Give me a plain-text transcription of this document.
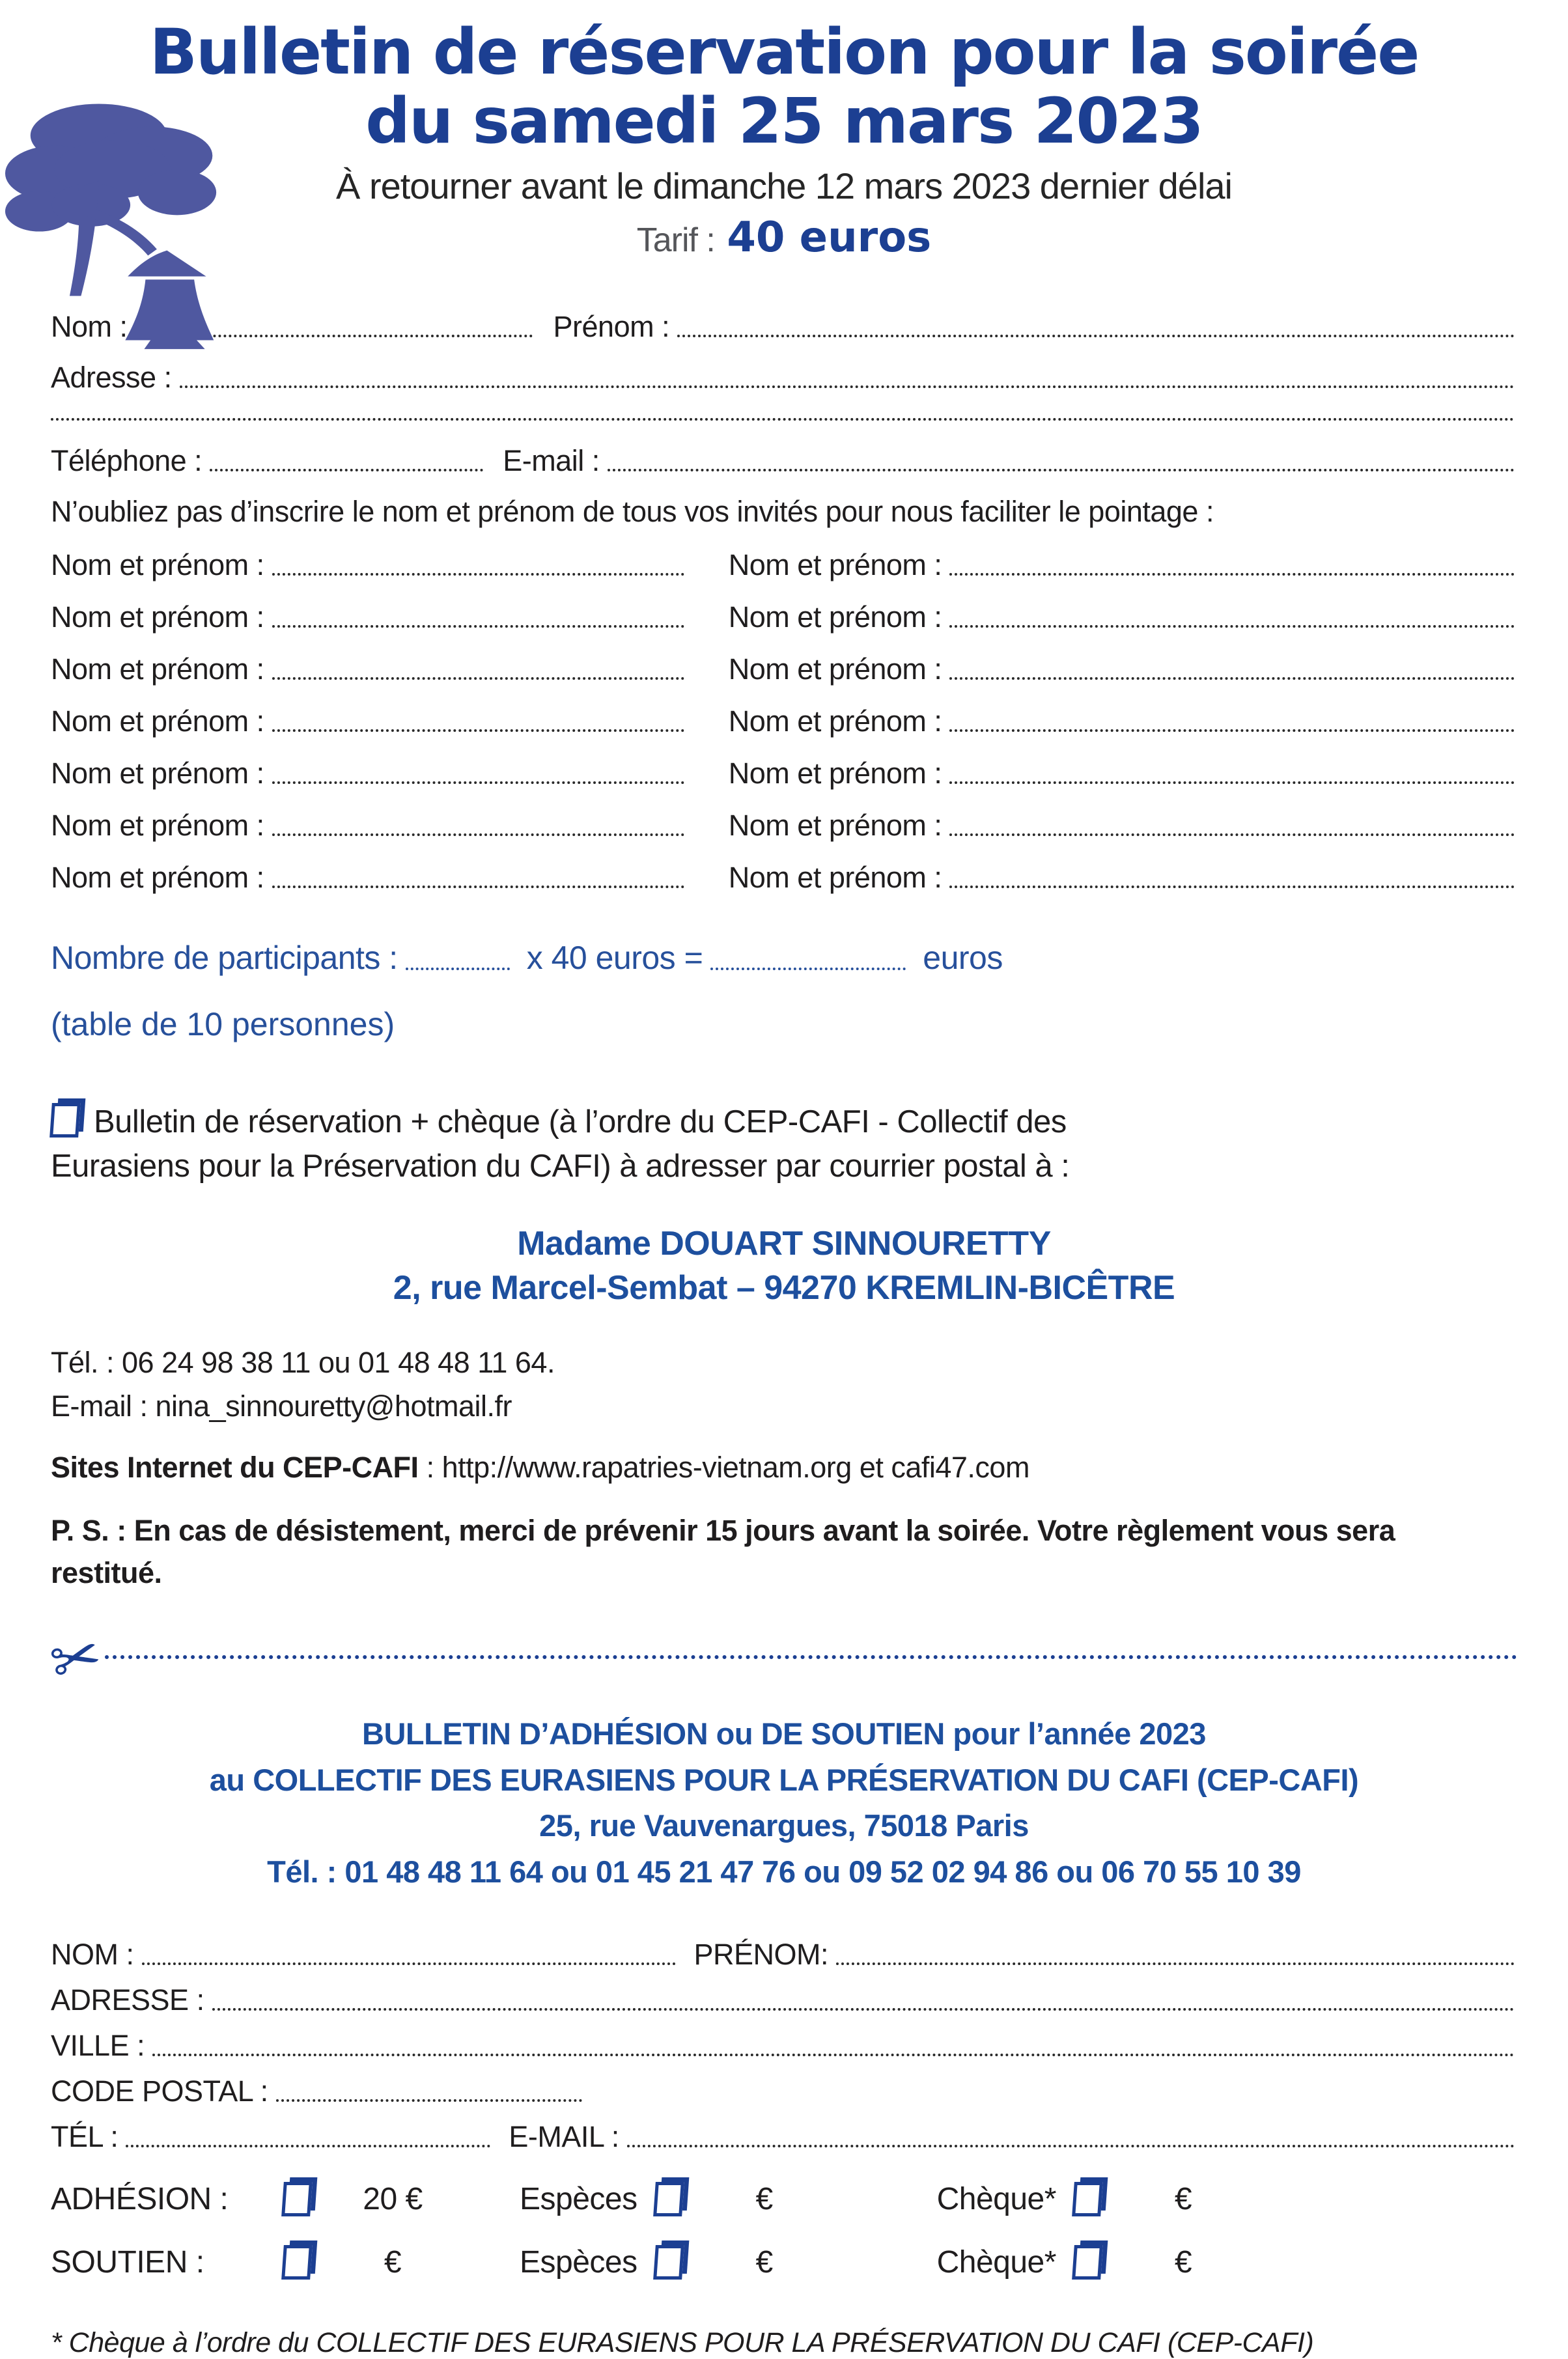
Bulletin de réservation pour la soirée
du samedi 25 mars 2023
À retourner avant le dimanche 12 mars 2023 dernier délai
Tarif : 40 euros
Nom :	Prénom :
Adresse :
Téléphone :	E-mail :
N’oubliez pas d’inscrire le nom et prénom de tous vos invités pour nous faciliter le pointage :
Nom et prénom :	Nom et prénom :
Nom et prénom :	Nom et prénom :
Nom et prénom :	Nom et prénom :
Nom et prénom :	Nom et prénom :
Nom et prénom :	Nom et prénom :
Nom et prénom :	Nom et prénom :
Nom et prénom :	Nom et prénom :
Nombre de participants :	x 40 euros =	euros
(table de 10 personnes)
Bulletin de réservation + chèque (à l’ordre du CEP-CAFI - Collectif des Eurasiens pour la Préservation du CAFI) à adresser par courrier postal à :
Madame DOUART SINNOURETTY
2, rue Marcel-Sembat – 94270 KREMLIN-BICÊTRE
Tél. : 06 24 98 38 11 ou 01 48 48 11 64.
E-mail : nina_sinnouretty@hotmail.fr
Sites Internet du CEP-CAFI : http://www.rapatries-vietnam.org et cafi47.com
P. S. : En cas de désistement, merci de prévenir 15 jours avant la soirée. Votre règlement vous sera restitué.
✂
BULLETIN D’ADHÉSION ou DE SOUTIEN pour l’année 2023
au COLLECTIF DES EURASIENS POUR LA PRÉSERVATION DU CAFI (CEP-CAFI)
25, rue Vauvenargues, 75018 Paris
Tél. : 01 48 48 11 64 ou 01 45 21 47 76 ou 09 52 02 94 86 ou 06 70 55 10 39
NOM :	PRÉNOM:
ADRESSE :
VILLE :
CODE POSTAL :
TÉL :	E-MAIL :
ADHÉSION :	20 €	Espèces	€	Chèque*	€
SOUTIEN :	€	Espèces	€	Chèque*	€
* Chèque à l’ordre du COLLECTIF DES EURASIENS POUR LA PRÉSERVATION DU CAFI (CEP-CAFI)
